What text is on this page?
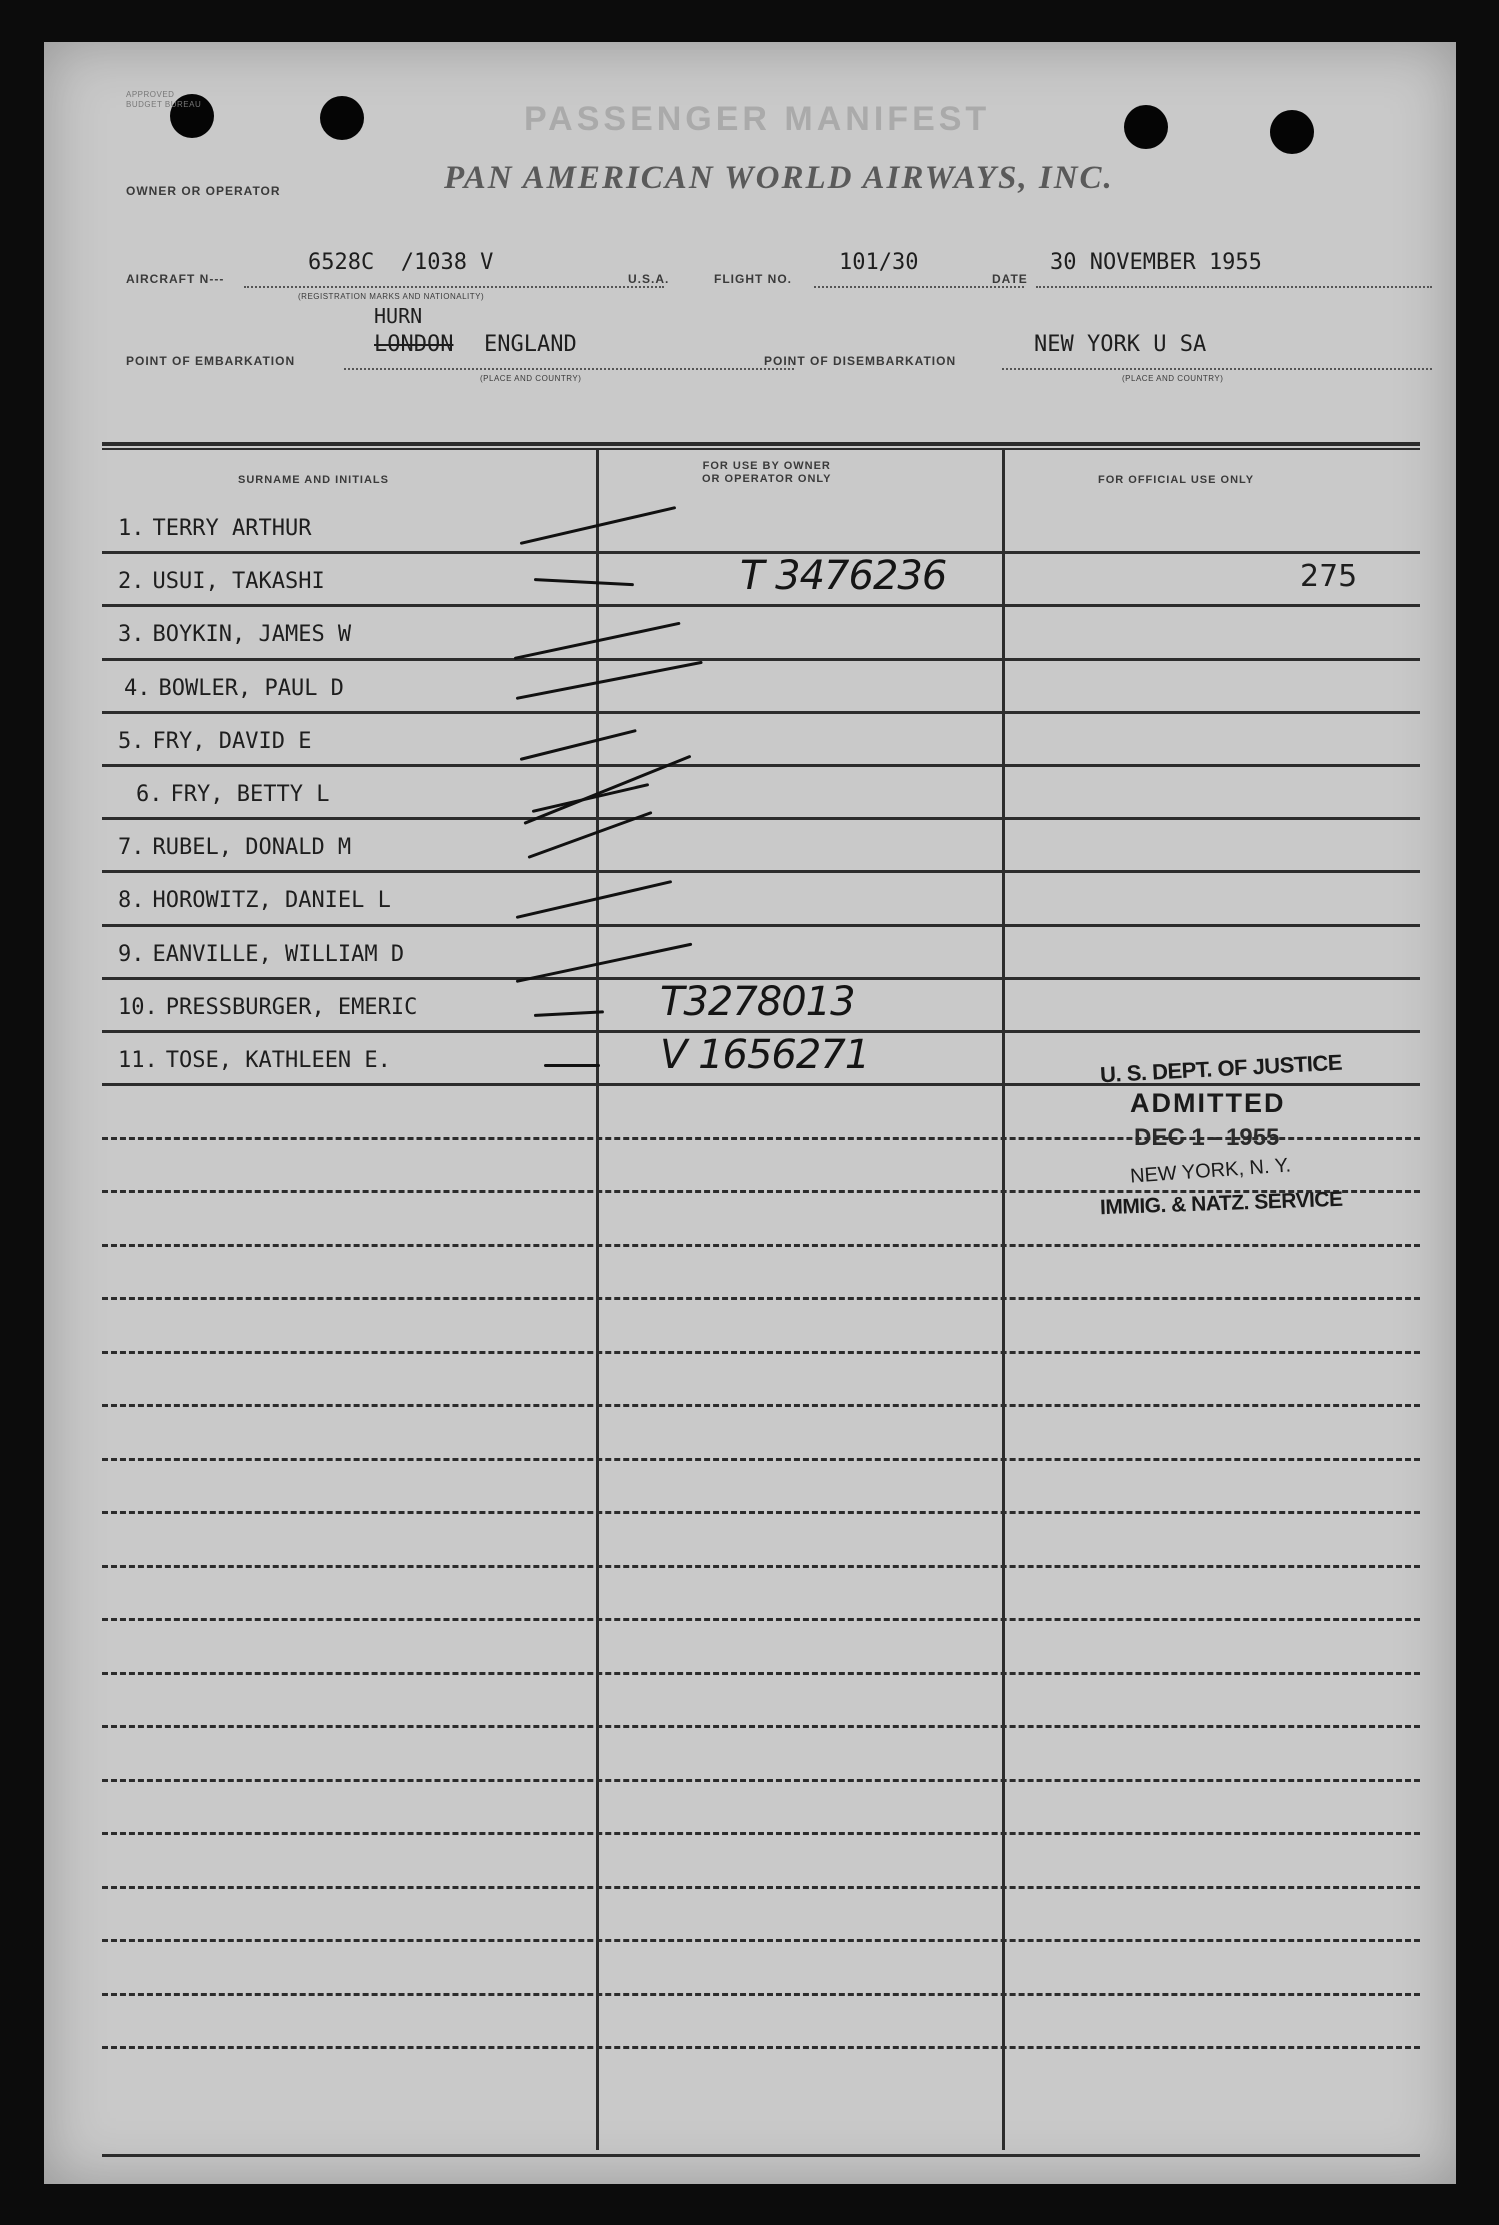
APPROVED
BUDGET BUREAU	PASSENGER MANIFEST
OWNER OR OPERATOR	PAN AMERICAN WORLD AIRWAYS, INC.
AIRCRAFT N---
6528C  /1038 V
(REGISTRATION MARKS AND NATIONALITY)
U.S.A.	FLIGHT NO.
101/30
DATE
30 NOVEMBER 1955
HURN
POINT OF EMBARKATION
LONDON ENGLAND
(PLACE AND COUNTRY)
POINT OF DISEMBARKATION
NEW YORK U SA
(PLACE AND COUNTRY)
SURNAME AND INITIALS
FOR USE BY OWNER
OR OPERATOR ONLY	FOR OFFICIAL USE ONLY
1. TERRY ARTHUR
2. USUI, TAKASHI	T 3476236	275
3. BOYKIN, JAMES W
4. BOWLER, PAUL D
5. FRY, DAVID E
6. FRY, BETTY L
7. RUBEL, DONALD M
8. HOROWITZ, DANIEL L
9. EANVILLE, WILLIAM D
10. PRESSBURGER, EMERIC	T3278013
11. TOSE, KATHLEEN E.	V 1656271	U. S. DEPT. OF JUSTICE
ADMITTED
DEC 1 - 1955
NEW YORK, N. Y.
IMMIG. & NATZ. SERVICE
